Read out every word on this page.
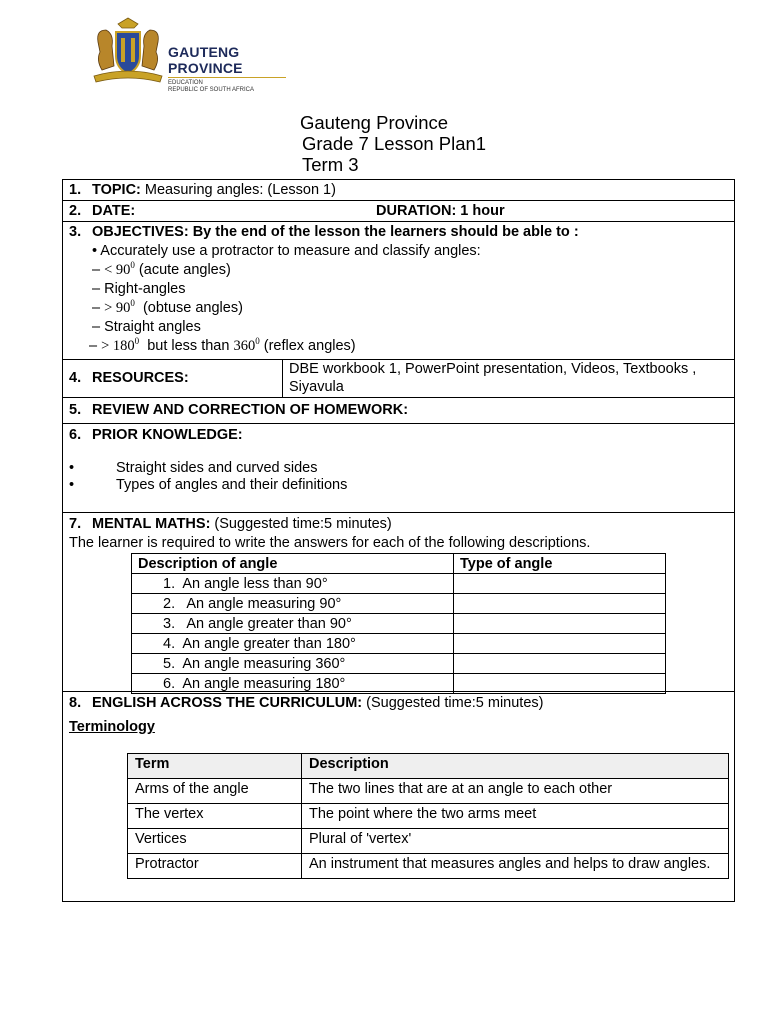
GAUTENG PROVINCE
EDUCATION
REPUBLIC OF SOUTH AFRICA
Gauteng Province
Grade 7 Lesson Plan1
Term 3
1. TOPIC: Measuring angles: (Lesson 1)
2. DATE:	DURATION: 1 hour
3. OBJECTIVES: By the end of the lesson the learners should be able to :
• Accurately use a protractor to measure and classify angles:
– < $90^0$ (acute angles)
– Right-angles
– > $90^0$  (obtuse angles)
– Straight angles
– > $180^0$  but less than $360^0$ (reflex angles)
4. RESOURCES:
DBE workbook 1, PowerPoint presentation, Videos, Textbooks ,
Siyavula
5. REVIEW AND CORRECTION OF HOMEWORK:
6. PRIOR KNOWLEDGE:
•	Straight sides and curved sides
•	Types of angles and their definitions
7. MENTAL MATHS: (Suggested time:5 minutes)
The learner is required to write the answers for each of the following descriptions.
Description of angle	Type of angle
1.  An angle less than 90°	
2.   An angle measuring 90°	
3.   An angle greater than 90°	
4.  An angle greater than 180°	
5.  An angle measuring 360°	
6.  An angle measuring 180°	
8. ENGLISH ACROSS THE CURRICULUM: (Suggested time:5 minutes)
Terminology
Term	Description
Arms of the angle	The two lines that are at an angle to each other
The vertex	The point where the two arms meet
Vertices	Plural of 'vertex'
Protractor	An instrument that measures angles and helps to draw angles.
